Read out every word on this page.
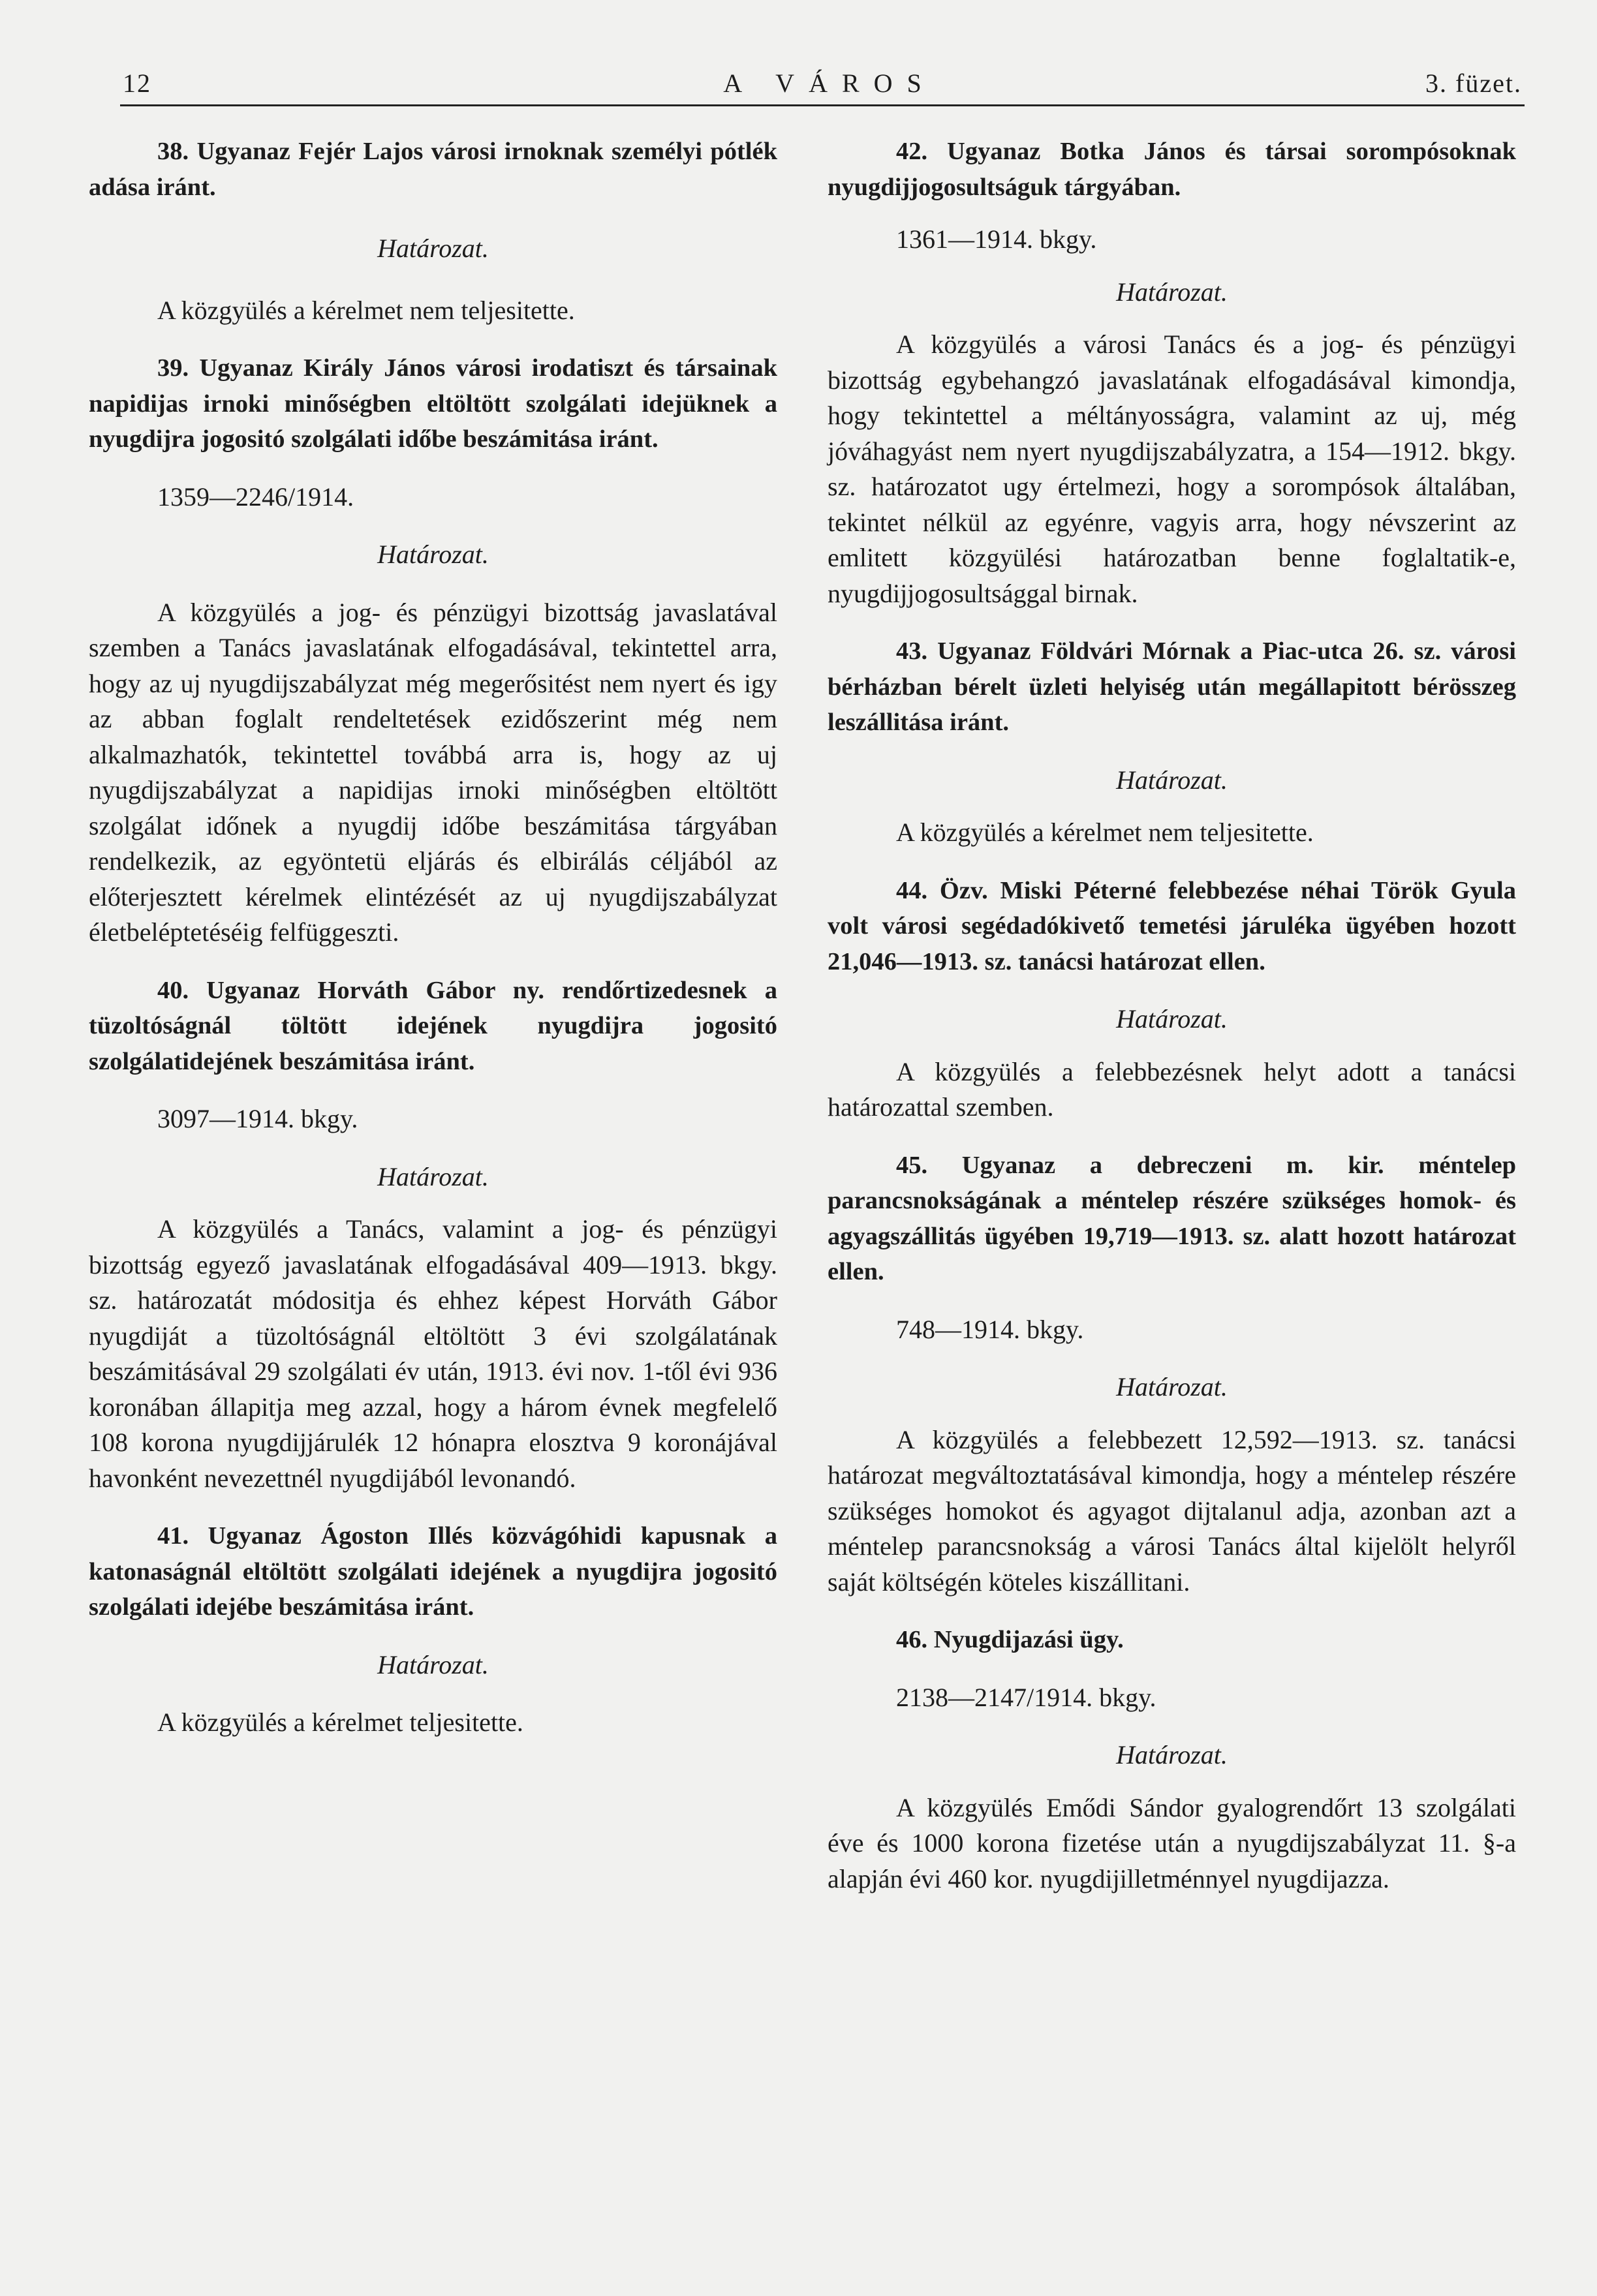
12	A VÁROS	3. füzet.

38. Ugyanaz Fejér Lajos városi irnoknak személyi pótlék adása iránt.

Határozat.

A közgyülés a kérelmet nem teljesitette.

39. Ugyanaz Király János városi irodatiszt és társainak napidijas irnoki minőségben eltöltött szolgálati idejüknek a nyugdijra jogositó szolgálati időbe beszámitása iránt.

1359—2246/1914.

Határozat.

A közgyülés a jog- és pénzügyi bizottság javaslatával szemben a Tanács javaslatának elfogadásával, tekintettel arra, hogy az uj nyugdijszabályzat még megerősitést nem nyert és igy az abban foglalt rendeltetések ezidőszerint még nem alkalmazhatók, tekintettel továbbá arra is, hogy az uj nyugdijszabályzat a napidijas irnoki minőségben eltöltött szolgálat időnek a nyugdij időbe beszámitása tárgyában rendelkezik, az egyöntetü eljárás és elbirálás céljából az előterjesztett kérelmek elintézését az uj nyugdijszabályzat életbeléptetéséig felfüggeszti.

40. Ugyanaz Horváth Gábor ny. rendőrtizedesnek a tüzoltóságnál töltött idejének nyugdijra jogositó szolgálatidejének beszámitása iránt.

3097—1914. bkgy.

Határozat.

A közgyülés a Tanács, valamint a jog- és pénzügyi bizottság egyező javaslatának elfogadásával 409—1913. bkgy. sz. határozatát módositja és ehhez képest Horváth Gábor nyugdiját a tüzoltóságnál eltöltött 3 évi szolgálatának beszámitásával 29 szolgálati év után, 1913. évi nov. 1-től évi 936 koronában állapitja meg azzal, hogy a három évnek megfelelő 108 korona nyugdijjárulék 12 hónapra elosztva 9 koronájával havonként nevezettnél nyugdijából levonandó.

41. Ugyanaz Ágoston Illés közvágóhidi kapusnak a katonaságnál eltöltött szolgálati idejének a nyugdijra jogositó szolgálati idejébe beszámitása iránt.

Határozat.

A közgyülés a kérelmet teljesitette.

42. Ugyanaz Botka János és társai sorompósoknak nyugdijjogosultságuk tárgyában.

1361—1914. bkgy.

Határozat.

A közgyülés a városi Tanács és a jog- és pénzügyi bizottság egybehangzó javaslatának elfogadásával kimondja, hogy tekintettel a méltányosságra, valamint az uj, még jóváhagyást nem nyert nyugdijszabályzatra, a 154—1912. bkgy. sz. határozatot ugy értelmezi, hogy a sorompósok általában, tekintet nélkül az egyénre, vagyis arra, hogy névszerint az emlitett közgyülési határozatban benne foglaltatik-e, nyugdijjogosultsággal birnak.

43. Ugyanaz Földvári Mórnak a Piac-utca 26. sz. városi bérházban bérelt üzleti helyiség után megállapitott bérösszeg leszállitása iránt.

Határozat.

A közgyülés a kérelmet nem teljesitette.

44. Özv. Miski Péterné felebbezése néhai Török Gyula volt városi segédadókivető temetési járuléka ügyében hozott 21,046—1913. sz. tanácsi határozat ellen.

Határozat.

A közgyülés a felebbezésnek helyt adott a tanácsi határozattal szemben.

45. Ugyanaz a debreczeni m. kir. méntelep parancsnokságának a méntelep részére szükséges homok- és agyagszállitás ügyében 19,719—1913. sz. alatt hozott határozat ellen.

748—1914. bkgy.

Határozat.

A közgyülés a felebbezett 12,592—1913. sz. tanácsi határozat megváltoztatásával kimondja, hogy a méntelep részére szükséges homokot és agyagot dijtalanul adja, azonban azt a méntelep parancsnokság a városi Tanács által kijelölt helyről saját költségén köteles kiszállitani.

46. Nyugdijazási ügy.

2138—2147/1914. bkgy.

Határozat.

A közgyülés Emődi Sándor gyalogrendőrt 13 szolgálati éve és 1000 korona fizetése után a nyugdijszabályzat 11. §-a alapján évi 460 kor. nyugdijilletménnyel nyugdijazza.
